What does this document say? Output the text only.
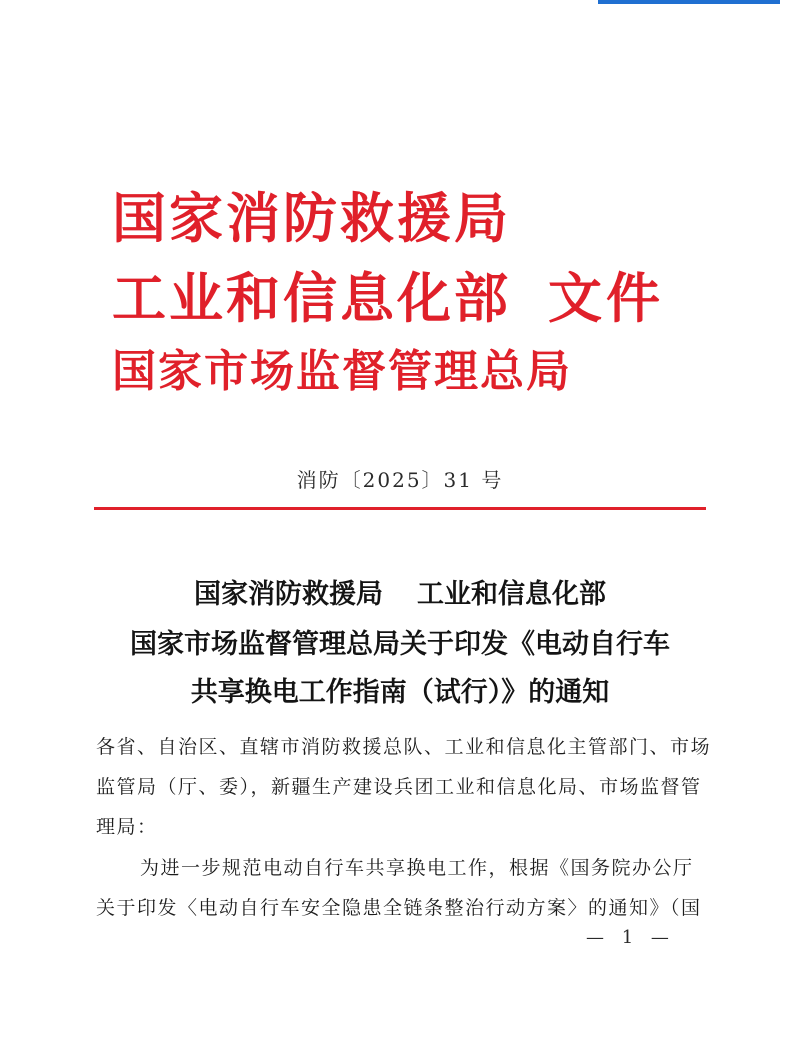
国家消防救援局
工业和信息化部
国家市场监督管理总局
文件
消防〔2025〕31 号
国家消防救援局 工业和信息化部
国家市场监督管理总局关于印发《电动自行车
共享换电工作指南（试行）》的通知
各省、自治区、直辖市消防救援总队、工业和信息化主管部门、市场
监管局（厅、委），新疆生产建设兵团工业和信息化局、市场监督管
理局：
为进一步规范电动自行车共享换电工作，根据《国务院办公厅
关于印发〈电动自行车安全隐患全链条整治行动方案〉的通知》（国
— 1 —
